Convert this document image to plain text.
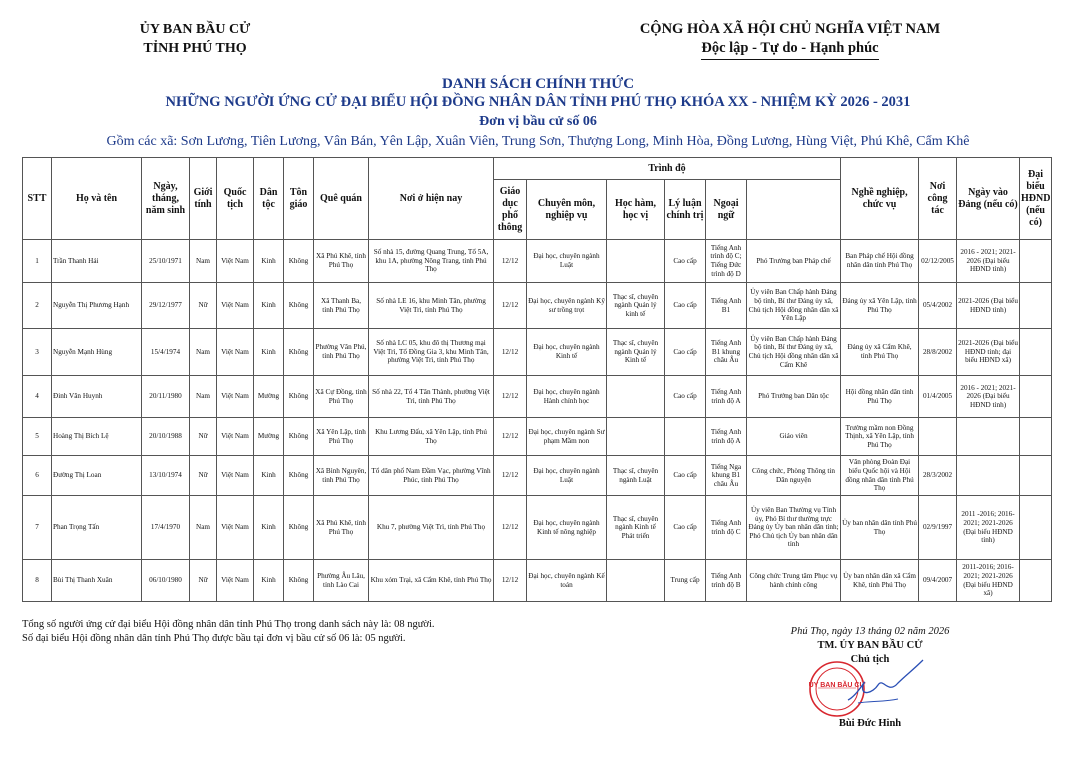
ỦY BAN BẦU CỬ
TỈNH PHÚ THỌ
CỘNG HÒA XÃ HỘI CHỦ NGHĨA VIỆT NAM
Độc lập - Tự do - Hạnh phúc
DANH SÁCH CHÍNH THỨC
NHỮNG NGƯỜI ỨNG CỬ ĐẠI BIỂU HỘI ĐỒNG NHÂN DÂN TỈNH PHÚ THỌ KHÓA XX - NHIỆM KỲ 2026 - 2031
Đơn vị bầu cử số 06
Gồm các xã: Sơn Lương, Tiên Lương, Vân Bán, Yên Lập, Xuân Viên, Trung Sơn, Thượng Long, Minh Hòa, Đồng Lương, Hùng Việt, Phú Khê, Cẩm Khê
STT	Họ và tên	Ngày, tháng, năm sinh	Giới tính	Quốc tịch	Dân tộc	Tôn giáo	Quê quán	Nơi ở hiện nay	Trình độ						Nghề nghiệp, chức vụ	Nơi công tác	Ngày vào Đảng (nếu có)	Đại biểu HĐND (nếu có)
									Giáo dục phổ thông	Chuyên môn, nghiệp vụ	Học hàm, học vị	Lý luận chính trị	Ngoại ngữ					
1	Trần Thanh Hải	25/10/1971	Nam	Việt Nam	Kinh	Không	Xã Phú Khê, tỉnh Phú Thọ	Số nhà 15, đường Quang Trung, Tổ 5A, khu 1A, phường Nông Trang, tỉnh Phú Thọ	12/12	Đại học, chuyên ngành Luật		Cao cấp	Tiếng Anh trình độ C; Tiếng Đức trình độ D	Phó Trưởng ban Pháp chế	Ban Pháp chế Hội đồng nhân dân tỉnh Phú Thọ	02/12/2005	2016 - 2021; 2021-2026 (Đại biểu HĐND tỉnh)	
2	Nguyễn Thị Phương Hạnh	29/12/1977	Nữ	Việt Nam	Kinh	Không	Xã Thanh Ba, tỉnh Phú Thọ	Số nhà LE 16, khu Minh Tân, phường Việt Trì, tỉnh Phú Thọ	12/12	Đại học, chuyên ngành Kỹ sư trồng trọt	Thạc sĩ, chuyên ngành Quản lý kinh tế	Cao cấp	Tiếng Anh B1	Ủy viên Ban Chấp hành Đảng bộ tỉnh, Bí thư Đảng ủy xã, Chủ tịch Hội đồng nhân dân xã Yên Lập	Đảng ủy xã Yên Lập, tỉnh Phú Thọ	05/4/2002	2021-2026 (Đại biểu HĐND tỉnh)	
3	Nguyễn Mạnh Hùng	15/4/1974	Nam	Việt Nam	Kinh	Không	Phường Vân Phú, tỉnh Phú Thọ	Số nhà LC 05, khu đô thị Thương mại Việt Trì, Tổ Đồng Gia 3, khu Minh Tân, phường Việt Trì, tỉnh Phú Thọ	12/12	Đại học, chuyên ngành Kinh tế	Thạc sĩ, chuyên ngành Quản lý Kinh tế	Cao cấp	Tiếng Anh B1 khung châu Âu	Ủy viên Ban Chấp hành Đảng bộ tỉnh, Bí thư Đảng ủy xã, Chủ tịch Hội đồng nhân dân xã Cẩm Khê	Đảng ủy xã Cẩm Khê, tỉnh Phú Thọ	28/8/2002	2021-2026 (Đại biểu HĐND tỉnh; đại biểu HĐND xã)	
4	Đinh Văn Huynh	20/11/1980	Nam	Việt Nam	Mường	Không	Xã Cự Đồng, tỉnh Phú Thọ	Số nhà 22, Tổ 4 Tân Thành, phường Việt Trì, tỉnh Phú Thọ	12/12	Đại học, chuyên ngành Hành chính học		Cao cấp	Tiếng Anh trình độ A	Phó Trưởng ban Dân tộc	Hội đồng nhân dân tỉnh Phú Thọ	01/4/2005	2016 - 2021; 2021-2026 (Đại biểu HĐND tỉnh)	
5	Hoàng Thị Bích Lệ	20/10/1988	Nữ	Việt Nam	Mường	Không	Xã Yên Lập, tỉnh Phú Thọ	Khu Lương Đấu, xã Yên Lập, tỉnh Phú Thọ	12/12	Đại học, chuyên ngành Sư phạm Mầm non			Tiếng Anh trình độ A	Giáo viên	Trường mầm non Đồng Thịnh, xã Yên Lập, tỉnh Phú Thọ			
6	Đường Thị Loan	13/10/1974	Nữ	Việt Nam	Kinh	Không	Xã Bình Nguyên, tỉnh Phú Thọ	Tổ dân phố Nam Đầm Vạc, phường Vĩnh Phúc, tỉnh Phú Thọ	12/12	Đại học, chuyên ngành Luật	Thạc sĩ, chuyên ngành Luật	Cao cấp	Tiếng Nga khung B1 châu Âu	Công chức, Phòng Thông tin Dân nguyện	Văn phòng Đoàn Đại biểu Quốc hội và Hội đồng nhân dân tỉnh Phú Thọ	28/3/2002		
7	Phan Trọng Tấn	17/4/1970	Nam	Việt Nam	Kinh	Không	Xã Phú Khê, tỉnh Phú Thọ	Khu 7, phường Việt Trì, tỉnh Phú Thọ	12/12	Đại học, chuyên ngành Kinh tế nông nghiệp	Thạc sĩ, chuyên ngành Kinh tế Phát triển	Cao cấp	Tiếng Anh trình độ C	Ủy viên Ban Thường vụ Tỉnh ủy, Phó Bí thư thường trực Đảng ủy Ủy ban nhân dân tỉnh; Phó Chủ tịch Ủy ban nhân dân tỉnh	Ủy ban nhân dân tỉnh Phú Thọ	02/9/1997	2011 -2016; 2016-2021; 2021-2026 (Đại biểu HĐND tỉnh)	
8	Bùi Thị Thanh Xuân	06/10/1980	Nữ	Việt Nam	Kinh	Không	Phường Âu Lâu, tỉnh Lào Cai	Khu xóm Trại, xã Cẩm Khê, tỉnh Phú Thọ	12/12	Đại học, chuyên ngành Kế toán		Trung cấp	Tiếng Anh trình độ B	Công chức Trung tâm Phục vụ hành chính công	Ủy ban nhân dân xã Cẩm Khê, tỉnh Phú Thọ	09/4/2007	2011-2016; 2016-2021; 2021-2026 (Đại biểu HĐND xã)	
Tổng số người ứng cử đại biểu Hội đồng nhân dân tỉnh Phú Thọ trong danh sách này là: 08 người.
Số đại biểu Hội đồng nhân dân tỉnh Phú Thọ được bầu tại đơn vị bầu cử số 06 là: 05 người.
Phú Thọ, ngày 13 tháng 02 năm 2026
TM. ỦY BAN BẦU CỬ
Chủ tịch
Bùi Đức Hinh
ỦY BAN BẦU CỬ
